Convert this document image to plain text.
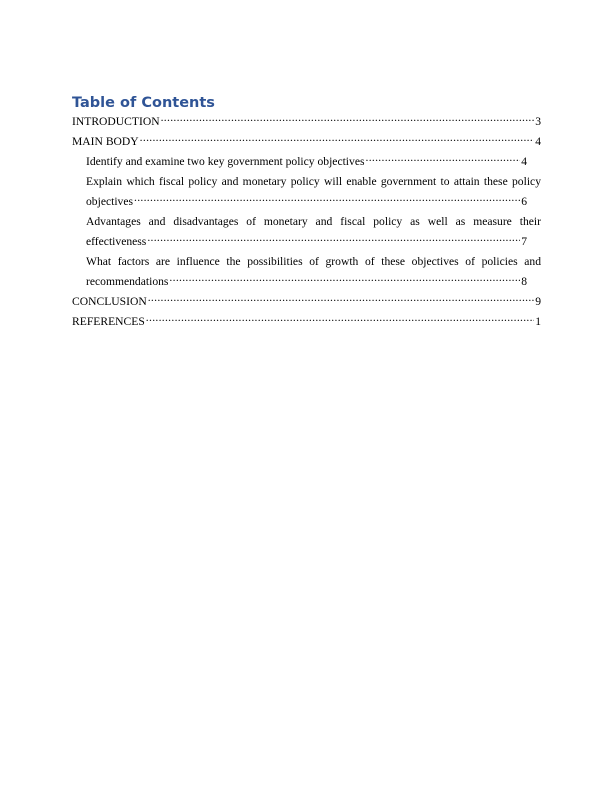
Table of Contents
INTRODUCTION .....	3
MAIN BODY .....	4
Identify and examine two key government policy objectives .....	4
Explain which fiscal policy and monetary policy will enable government to attain these policy
objectives .....	6
Advantages and disadvantages of monetary and fiscal policy as well as measure their
effectiveness .....	7
What factors are influence the possibilities of growth of these objectives of policies and
recommendations .....	8
CONCLUSION .....	9
REFERENCES .....	1
